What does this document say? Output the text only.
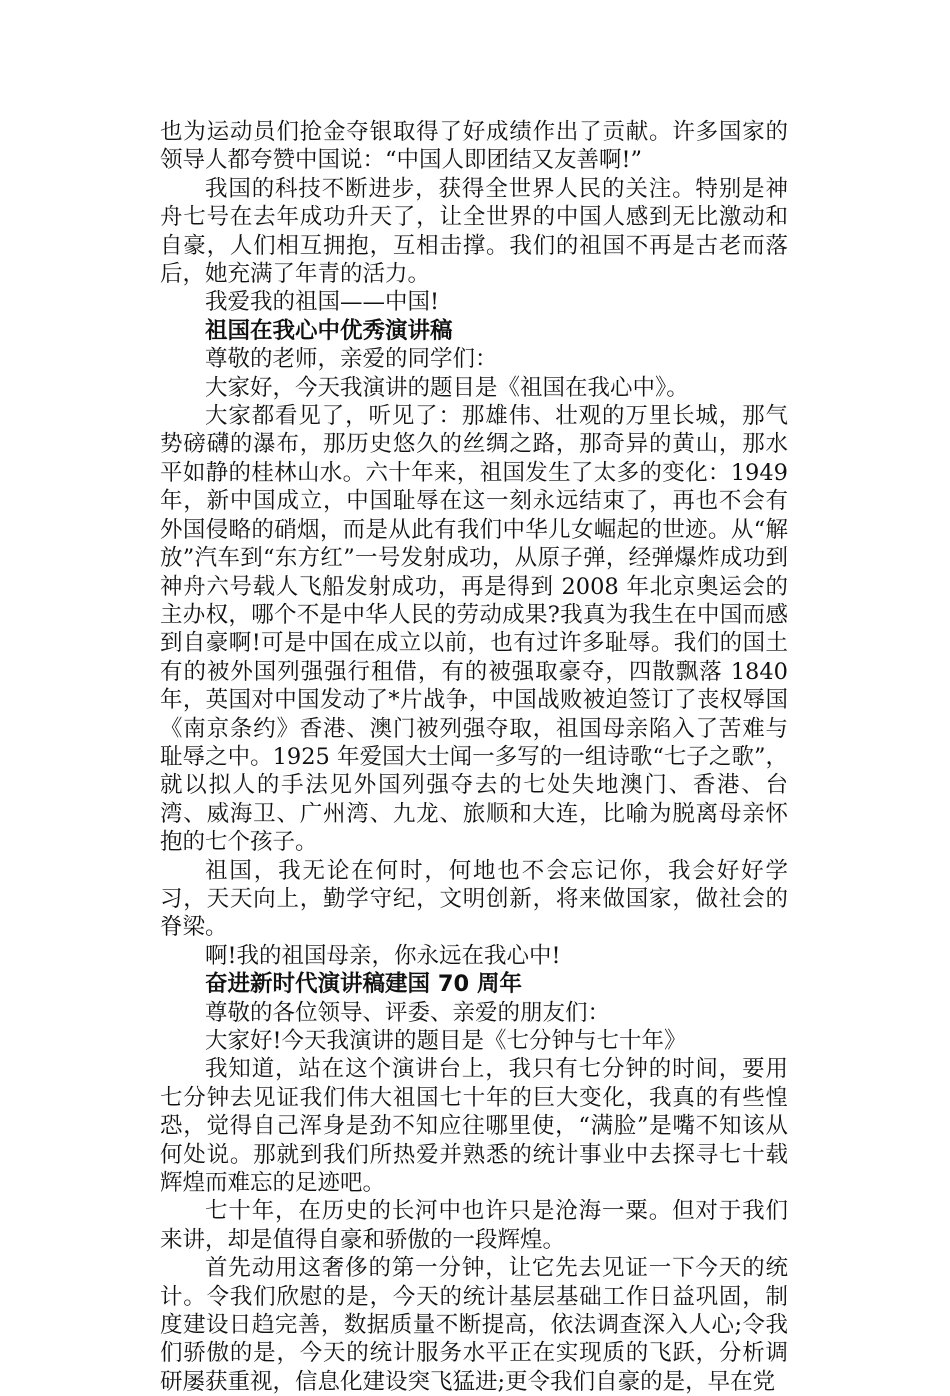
也为运动员们抢金夺银取得了好成绩作出了贡献。许多国家的领导人都夸赞中国说：“中国人即团结又友善啊!”

我国的科技不断进步，获得全世界人民的关注。特别是神舟七号在去年成功升天了，让全世界的中国人感到无比激动和自豪，人们相互拥抱，互相击撑。我们的祖国不再是古老而落后，她充满了年青的活力。

我爱我的祖国——中国!

祖国在我心中优秀演讲稿

尊敬的老师，亲爱的同学们：

大家好，今天我演讲的题目是《祖国在我心中》。

大家都看见了，听见了：那雄伟、壮观的万里长城，那气势磅礴的瀑布，那历史悠久的丝绸之路，那奇异的黄山，那水平如静的桂林山水。六十年来，祖国发生了太多的变化：1949 年，新中国成立，中国耻辱在这一刻永远结束了，再也不会有外国侵略的硝烟，而是从此有我们中华儿女崛起的世迹。从“解放”汽车到“东方红”一号发射成功，从原子弹，经弹爆炸成功到神舟六号载人飞船发射成功，再是得到 2008 年北京奥运会的主办权，哪个不是中华人民的劳动成果?我真为我生在中国而感到自豪啊!可是中国在成立以前，也有过许多耻辱。我们的国土有的被外国列强强行租借，有的被强取豪夺，四散飘落 1840 年，英国对中国发动了*片战争，中国战败被迫签订了丧权辱国《南京条约》香港、澳门被列强夺取，祖国母亲陷入了苦难与耻辱之中。1925 年爱国大士闻一多写的一组诗歌“七子之歌”，就以拟人的手法见外国列强夺去的七处失地澳门、香港、台湾、威海卫、广州湾、九龙、旅顺和大连，比喻为脱离母亲怀抱的七个孩子。

祖国，我无论在何时，何地也不会忘记你，我会好好学习，天天向上，勤学守纪，文明创新，将来做国家，做社会的脊梁。

啊!我的祖国母亲，你永远在我心中!

奋进新时代演讲稿建国 70 周年

尊敬的各位领导、评委、亲爱的朋友们：

大家好!今天我演讲的题目是《七分钟与七十年》

我知道，站在这个演讲台上，我只有七分钟的时间，要用七分钟去见证我们伟大祖国七十年的巨大变化，我真的有些惶恐，觉得自己浑身是劲不知应往哪里使，“满脸”是嘴不知该从何处说。那就到我们所热爱并熟悉的统计事业中去探寻七十载辉煌而难忘的足迹吧。

七十年，在历史的长河中也许只是沧海一粟。但对于我们来讲，却是值得自豪和骄傲的一段辉煌。

首先动用这奢侈的第一分钟，让它先去见证一下今天的统计。令我们欣慰的是，今天的统计基层基础工作日益巩固，制度建设日趋完善，数据质量不断提高，依法调查深入人心;令我们骄傲的是，今天的统计服务水平正在实现质的飞跃，分析调研屡获重视，信息化建设突飞猛进;更令我们自豪的是，早在党
